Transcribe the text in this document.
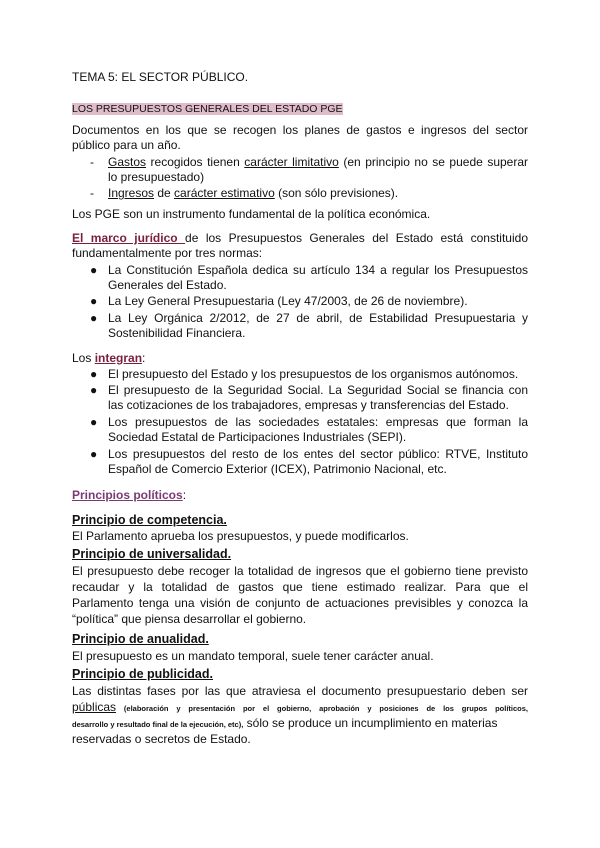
TEMA 5: EL SECTOR PÚBLICO.
LOS PRESUPUESTOS GENERALES DEL ESTADO PGE
Documentos en los que se recogen los planes de gastos e ingresos del sector
público para un año.
- Gastos recogidos tienen carácter limitativo (en principio no se puede superar
lo presupuestado)
- Ingresos de carácter estimativo (son sólo previsiones).
Los PGE son un instrumento fundamental de la política económica.
El marco jurídico de los Presupuestos Generales del Estado está constituido
fundamentalmente por tres normas:
● La Constitución Española dedica su artículo 134 a regular los Presupuestos
Generales del Estado.
● La Ley General Presupuestaria (Ley 47/2003, de 26 de noviembre).
● La Ley Orgánica 2/2012, de 27 de abril, de Estabilidad Presupuestaria y
Sostenibilidad Financiera.
Los integran:
● El presupuesto del Estado y los presupuestos de los organismos autónomos.
● El presupuesto de la Seguridad Social. La Seguridad Social se financia con
las cotizaciones de los trabajadores, empresas y transferencias del Estado.
● Los presupuestos de las sociedades estatales: empresas que forman la
Sociedad Estatal de Participaciones Industriales (SEPI).
● Los presupuestos del resto de los entes del sector público: RTVE, Instituto
Español de Comercio Exterior (ICEX), Patrimonio Nacional, etc.
Principios políticos:
Principio de competencia.
El Parlamento aprueba los presupuestos, y puede modificarlos.
Principio de universalidad.
El presupuesto debe recoger la totalidad de ingresos que el gobierno tiene previsto
recaudar y la totalidad de gastos que tiene estimado realizar. Para que el
Parlamento tenga una visión de conjunto de actuaciones previsibles y conozca la
“política” que piensa desarrollar el gobierno.
Principio de anualidad.
El presupuesto es un mandato temporal, suele tener carácter anual.
Principio de publicidad.
Las distintas fases por las que atraviesa el documento presupuestario deben ser
públicas (elaboración y presentación por el gobierno, aprobación y posiciones de los grupos políticos,
desarrollo y resultado final de la ejecución, etc), sólo se produce un incumplimiento en materias
reservadas o secretos de Estado.
